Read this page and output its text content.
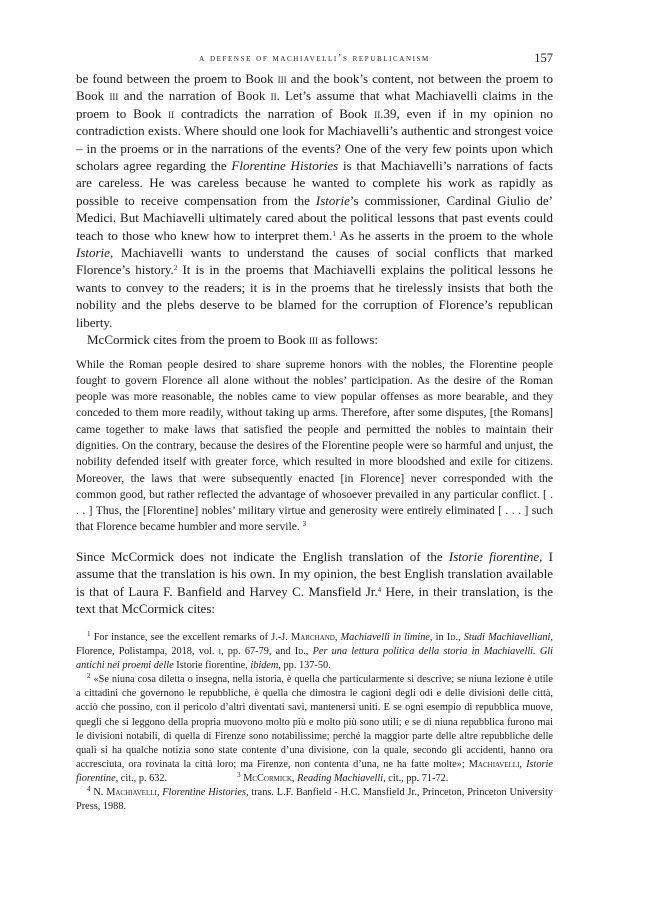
a defense of machiavelli’s republicanism	157

be found between the proem to Book iii and the book’s content, not between the proem to Book iii and the narration of Book ii. Let’s assume that what Machiavelli claims in the proem to Book ii contradicts the narration of Book ii.39, even if in my opinion no contradiction exists. Where should one look for Machiavelli’s authentic and strongest voice – in the proems or in the narrations of the events? One of the very few points upon which scholars agree regarding the Florentine Histories is that Machiavelli’s narrations of facts are careless. He was careless because he wanted to complete his work as rapidly as possible to receive compensation from the Istorie’s commissioner, Cardinal Giulio de’ Medici. But Machiavelli ultimately cared about the political lessons that past events could teach to those who knew how to interpret them.$^1$ As he asserts in the proem to the whole Istorie, Machiavelli wants to understand the causes of social conflicts that marked Florence’s history.$^2$ It is in the proems that Machiavelli explains the political lessons he wants to convey to the readers; it is in the proems that he tirelessly insists that both the nobility and the plebs deserve to be blamed for the corruption of Florence’s republican liberty.

McCormick cites from the proem to Book iii as follows:

While the Roman people desired to share supreme honors with the nobles, the Florentine people fought to govern Florence all alone without the nobles’ participation. As the desire of the Roman people was more reasonable, the nobles came to view popular offenses as more bearable, and they conceded to them more readily, without taking up arms. Therefore, after some disputes, [the Romans] came together to make laws that satisfied the people and permitted the nobles to maintain their dignities. On the contrary, because the desires of the Florentine people were so harmful and unjust, the nobility defended itself with greater force, which resulted in more bloodshed and exile for citizens. Moreover, the laws that were subsequently enacted [in Florence] never corresponded with the common good, but rather reflected the advantage of whosoever prevailed in any particular conflict. [ . . . ] Thus, the [Florentine] nobles’ military virtue and generosity were entirely eliminated [ . . . ] such that Florence became humbler and more servile. $^3$

Since McCormick does not indicate the English translation of the Istorie fiorentine, I assume that the translation is his own. In my opinion, the best English translation available is that of Laura F. Banfield and Harvey C. Mansfield Jr.$^4$ Here, in their translation, is the text that McCormick cites:

$^1$ For instance, see the excellent remarks of J.-J. Marchand, Machiavelli in limine, in Id., Studi Machiavelliani, Florence, Polistampa, 2018, vol. i, pp. 67-79, and Id., Per una lettura politica della storia in Machiavelli. Gli antichi nei proemi delle Istorie fiorentine, ibidem, pp. 137-50.

$^2$ «Se niuna cosa diletta o insegna, nella istoria, è quella che particularmente si descrive; se niuna lezione è utile a cittadini che governono le repubbliche, è quella che dimostra le cagioni degli odi e delle divisioni delle città, acciò che possino, con il pericolo d’altri diventati savi, mantenersi uniti. E se ogni esempio di repubblica muove, quegli che si leggono della propria muovono molto più e molto più sono utili; e se di niuna repubblica furono mai le divisioni notabili, di quella di Firenze sono notabilissime; perché la maggior parte delle altre repubbliche delle quali si ha qualche notizia sono state contente d’una divisione, con la quale, secondo gli accidenti, hanno ora accresciuta, ora rovinata la città loro; ma Firenze, non contenta d’una, ne ha fatte molte»; Machiavelli, Istorie fiorentine, cit., p. 632.	$^3$ McCormick, Reading Machiavelli, cit., pp. 71-72.

$^4$ N. Machiavelli, Florentine Histories, trans. L.F. Banfield - H.C. Mansfield Jr., Princeton, Princeton University Press, 1988.
